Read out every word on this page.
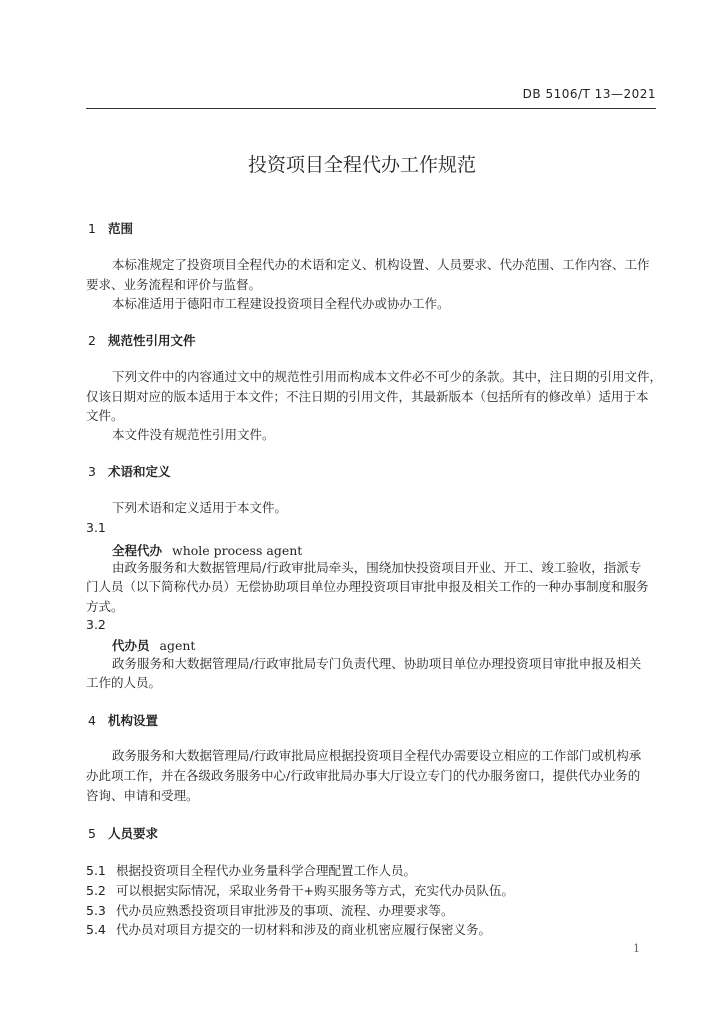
DB 5106/T 13—2021
投资项目全程代办工作规范
1 范围
本标准规定了投资项目全程代办的术语和定义、机构设置、人员要求、代办范围、工作内容、工作
要求、业务流程和评价与监督。
本标准适用于德阳市工程建设投资项目全程代办或协办工作。
2 规范性引用文件
下列文件中的内容通过文中的规范性引用而构成本文件必不可少的条款。其中，注日期的引用文件，
仅该日期对应的版本适用于本文件；不注日期的引用文件，其最新版本（包括所有的修改单）适用于本
文件。
本文件没有规范性引用文件。
3 术语和定义
下列术语和定义适用于本文件。
3.1
全程代办 whole process agent
由政务服务和大数据管理局/行政审批局牵头，围绕加快投资项目开业、开工、竣工验收，指派专
门人员（以下简称代办员）无偿协助项目单位办理投资项目审批申报及相关工作的一种办事制度和服务
方式。
3.2
代办员 agent
政务服务和大数据管理局/行政审批局专门负责代理、协助项目单位办理投资项目审批申报及相关
工作的人员。
4 机构设置
政务服务和大数据管理局/行政审批局应根据投资项目全程代办需要设立相应的工作部门或机构承
办此项工作，并在各级政务服务中心/行政审批局办事大厅设立专门的代办服务窗口，提供代办业务的
咨询、申请和受理。
5 人员要求
5.1 根据投资项目全程代办业务量科学合理配置工作人员。
5.2 可以根据实际情况，采取业务骨干+购买服务等方式，充实代办员队伍。
5.3 代办员应熟悉投资项目审批涉及的事项、流程、办理要求等。
5.4 代办员对项目方提交的一切材料和涉及的商业机密应履行保密义务。
1
